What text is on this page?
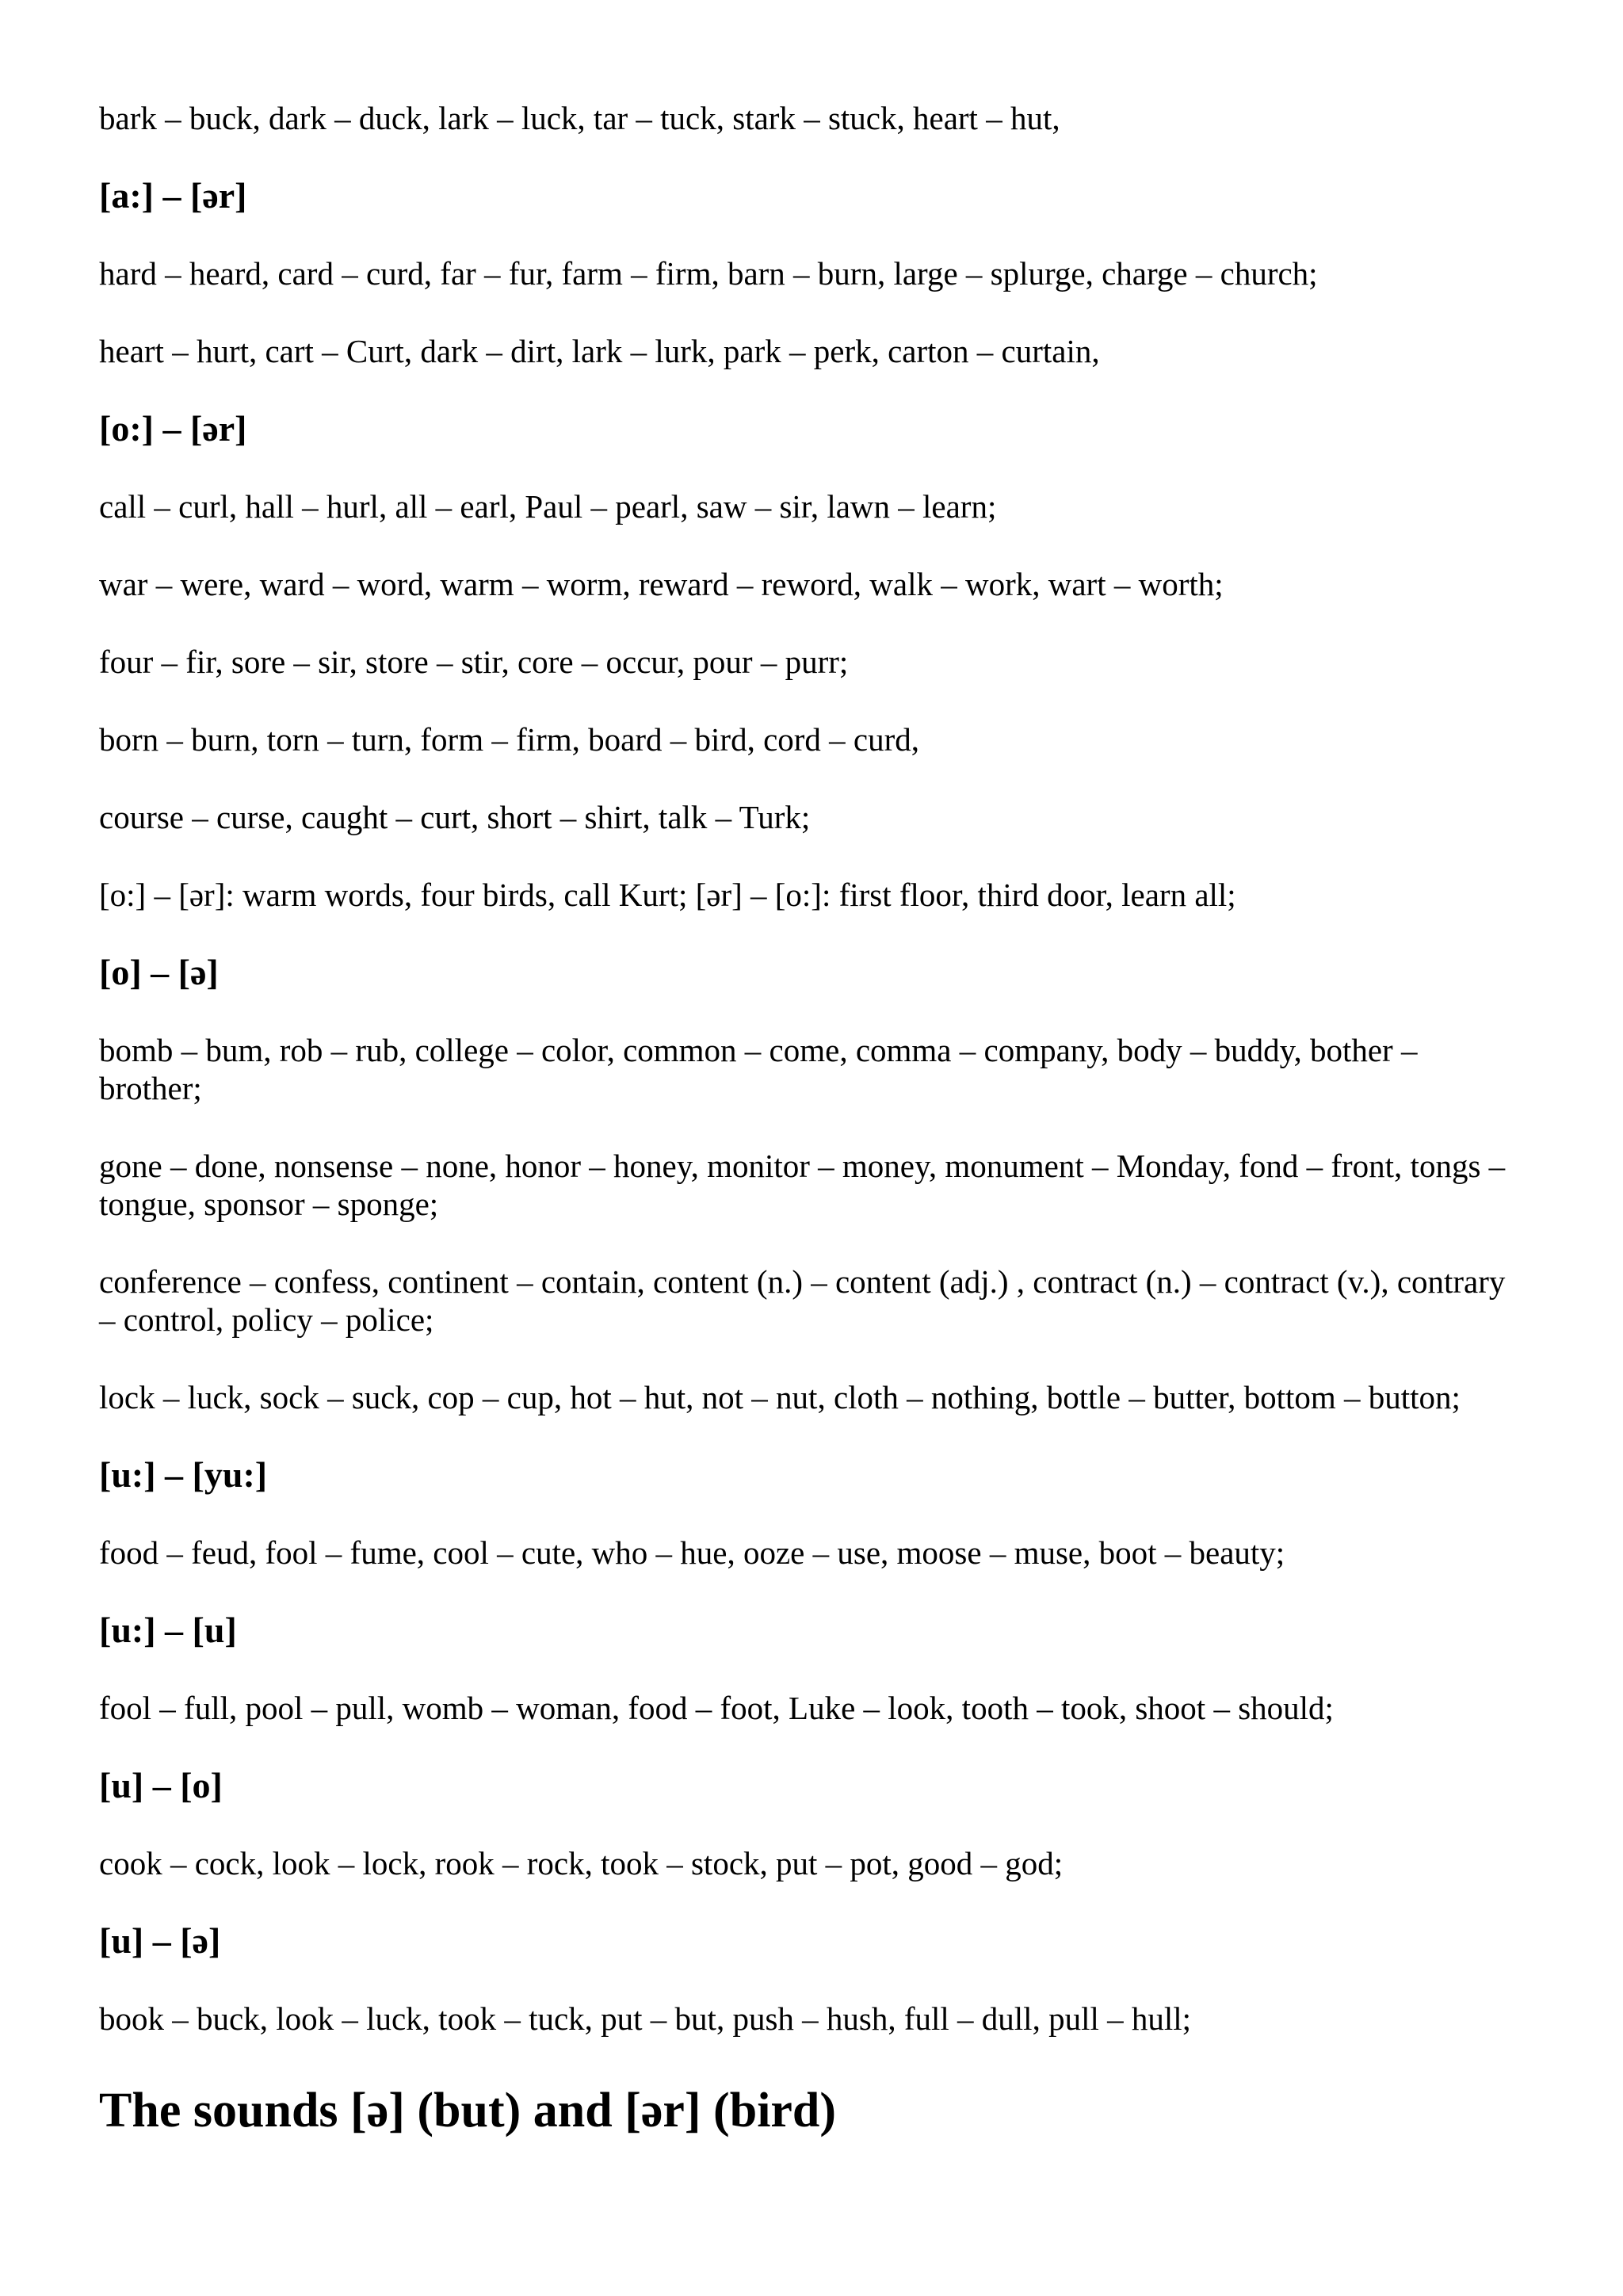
bark – buck, dark – duck, lark – luck, tar – tuck, stark – stuck, heart – hut,

[a:] – [ər]

hard – heard, card – curd, far – fur, farm – firm, barn – burn, large – splurge, charge – church;

heart – hurt, cart – Curt, dark – dirt, lark – lurk, park – perk, carton – curtain,

[o:] – [ər]

call – curl, hall – hurl, all – earl, Paul – pearl, saw – sir, lawn – learn;

war – were, ward – word, warm – worm, reward – reword, walk – work, wart – worth;

four – fir, sore – sir, store – stir, core – occur, pour – purr;

born – burn, torn – turn, form – firm, board – bird, cord – curd,

course – curse, caught – curt, short – shirt, talk – Turk;

[o:] – [ər]: warm words, four birds, call Kurt; [ər] – [o:]: first floor, third door, learn all;

[o] – [ə]

bomb – bum, rob – rub, college – color, common – come, comma – company, body – buddy, bother –
brother;

gone – done, nonsense – none, honor – honey, monitor – money, monument – Monday, fond – front, tongs –
tongue, sponsor – sponge;

conference – confess, continent – contain, content (n.) – content (adj.) , contract (n.) – contract (v.), contrary
– control, policy – police;

lock – luck, sock – suck, cop – cup, hot – hut, not – nut, cloth – nothing, bottle – butter, bottom – button;

[u:] – [yu:]

food – feud, fool – fume, cool – cute, who – hue, ooze – use, moose – muse, boot – beauty;

[u:] – [u]

fool – full, pool – pull, womb – woman, food – foot, Luke – look, tooth – took, shoot – should;

[u] – [o]

cook – cock, look – lock, rook – rock, took – stock, put – pot, good – god;

[u] – [ə]

book – buck, look – luck, took – tuck, put – but, push – hush, full – dull, pull – hull;

The sounds [ə] (but) and [ər] (bird)
